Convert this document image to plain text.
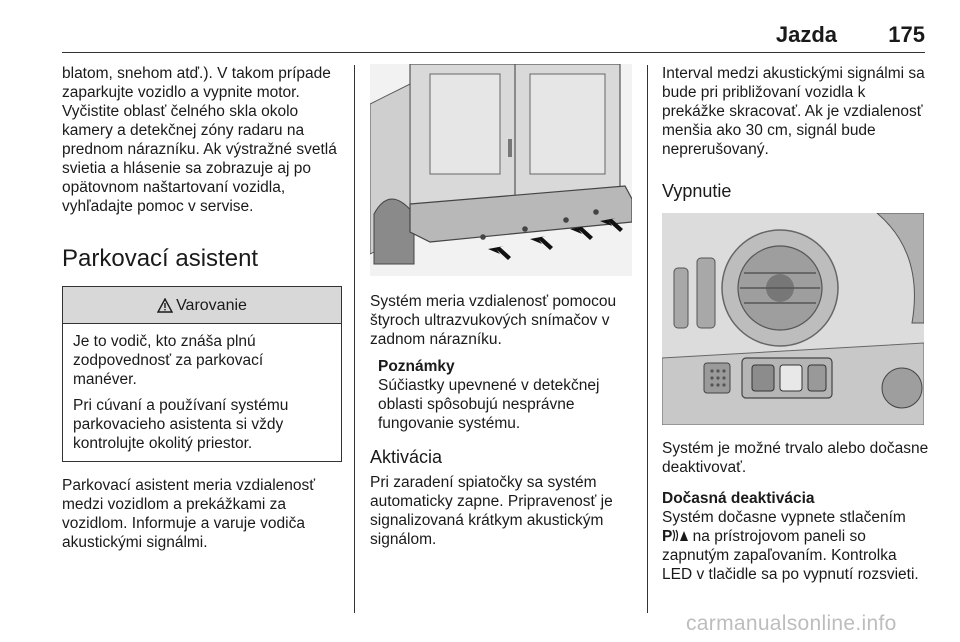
Jazda 175

blatom, snehom atď.). V takom prípade zaparkujte vozidlo a vypnite motor. Vyčistite oblasť čelného skla okolo kamery a detekčnej zóny radaru na prednom nárazníku. Ak výstražné svetlá svietia a hlásenie sa zobrazuje aj po opätovnom naštartovaní vozidla, vyhľadajte pomoc v servise.

Parkovací asistent
Varovanie

Je to vodič, kto znáša plnú zodpovednosť za parkovací manéver.

Pri cúvaní a používaní systému parkovacieho asistenta si vždy kontrolujte okolitý priestor.

Parkovací asistent meria vzdialenosť medzi vozidlom a prekážkami za vozidlom. Informuje a varuje vodiča akustickými signálmi.

Systém meria vzdialenosť pomocou štyroch ultrazvukových snímačov v zadnom nárazníku.

Poznámky

Súčiastky upevnené v detekčnej oblasti spôsobujú nesprávne fungovanie systému.

Aktivácia

Pri zaradení spiatočky sa systém automaticky zapne. Pripravenosť je signalizovaná krátkym akustickým signálom.

Interval medzi akustickými signálmi sa bude pri približovaní vozidla k prekážke skracovať. Ak je vzdialenosť menšia ako 30 cm, signál bude neprerušovaný.

Vypnutie

Systém je možné trvalo alebo dočasne deaktivovať.

Dočasná deaktivácia

Systém dočasne vypnete stlačením
P na prístrojovom paneli so zapnutým zapaľovaním. Kontrolka LED v tlačidle sa po vypnutí rozsvieti.

carmanualsonline.info
